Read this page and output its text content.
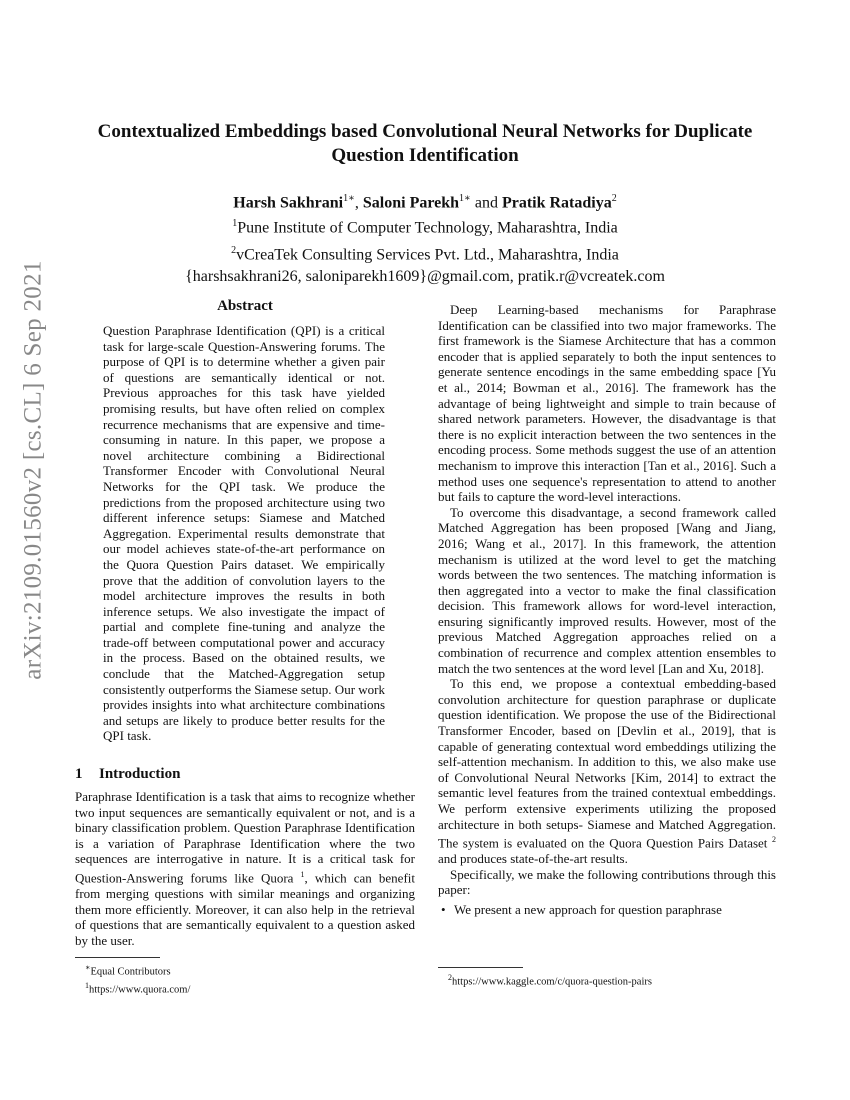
arXiv:2109.01560v2 [cs.CL] 6 Sep 2021
Contextualized Embeddings based Convolutional Neural Networks for Duplicate
Question Identification
Harsh Sakhrani$^{1∗}$, Saloni Parekh$^{1∗}$ and Pratik Ratadiya$^2$
$^1$Pune Institute of Computer Technology, Maharashtra, India
$^2$vCreaTek Consulting Services Pvt. Ltd., Maharashtra, India
{harshsakhrani26, saloniparekh1609}@gmail.com, pratik.r@vcreatek.com
Abstract

Question Paraphrase Identification (QPI) is a critical task for large-scale Question-Answering forums. The purpose of QPI is to determine whether a given pair of questions are semantically identical or not. Previous approaches for this task have yielded promising results, but have often relied on complex recurrence mechanisms that are expensive and time-consuming in nature. In this paper, we propose a novel architecture combining a Bidirectional Transformer Encoder with Convolutional Neural Networks for the QPI task. We produce the predictions from the proposed architecture using two different inference setups: Siamese and Matched Aggregation. Experimental results demonstrate that our model achieves state-of-the-art performance on the Quora Question Pairs dataset. We empirically prove that the addition of convolution layers to the model architecture improves the results in both inference setups. We also investigate the impact of partial and complete fine-tuning and analyze the trade-off between computational power and accuracy in the process. Based on the obtained results, we conclude that the Matched-Aggregation setup consistently outperforms the Siamese setup. Our work provides insights into what architecture combinations and setups are likely to produce better results for the QPI task.

1 Introduction

Paraphrase Identification is a task that aims to recognize whether two input sequences are semantically equivalent or not, and is a binary classification problem. Question Paraphrase Identification is a variation of Paraphrase Identification where the two sequences are interrogative in nature. It is a critical task for Question-Answering forums like Quora $^1$, which can benefit from merging questions with similar meanings and organizing them more efficiently. Moreover, it can also help in the retrieval of questions that are semantically equivalent to a question asked by the user.

∗Equal Contributors
$^1$https://www.quora.com/

Deep Learning-based mechanisms for Paraphrase Identification can be classified into two major frameworks. The first framework is the Siamese Architecture that has a common encoder that is applied separately to both the input sentences to generate sentence encodings in the same embedding space [Yu et al., 2014; Bowman et al., 2016]. The framework has the advantage of being lightweight and simple to train because of shared network parameters. However, the disadvantage is that there is no explicit interaction between the two sentences in the encoding process. Some methods suggest the use of an attention mechanism to improve this interaction [Tan et al., 2016]. Such a method uses one sequence's representation to attend to another but fails to capture the word-level interactions.

To overcome this disadvantage, a second framework called Matched Aggregation has been proposed [Wang and Jiang, 2016; Wang et al., 2017]. In this framework, the attention mechanism is utilized at the word level to get the matching words between the two sentences. The matching information is then aggregated into a vector to make the final classification decision. This framework allows for word-level interaction, ensuring significantly improved results. However, most of the previous Matched Aggregation approaches relied on a combination of recurrence and complex attention ensembles to match the two sentences at the word level [Lan and Xu, 2018].

To this end, we propose a contextual embedding-based convolution architecture for question paraphrase or duplicate question identification. We propose the use of the Bidirectional Transformer Encoder, based on [Devlin et al., 2019], that is capable of generating contextual word embeddings utilizing the self-attention mechanism. In addition to this, we also make use of Convolutional Neural Networks [Kim, 2014] to extract the semantic level features from the trained contextual embeddings. We perform extensive experiments utilizing the proposed architecture in both setups- Siamese and Matched Aggregation. The system is evaluated on the Quora Question Pairs Dataset $^2$ and produces state-of-the-art results.

Specifically, we make the following contributions through this paper:

• We present a new approach for question paraphrase
$^2$https://www.kaggle.com/c/quora-question-pairs
